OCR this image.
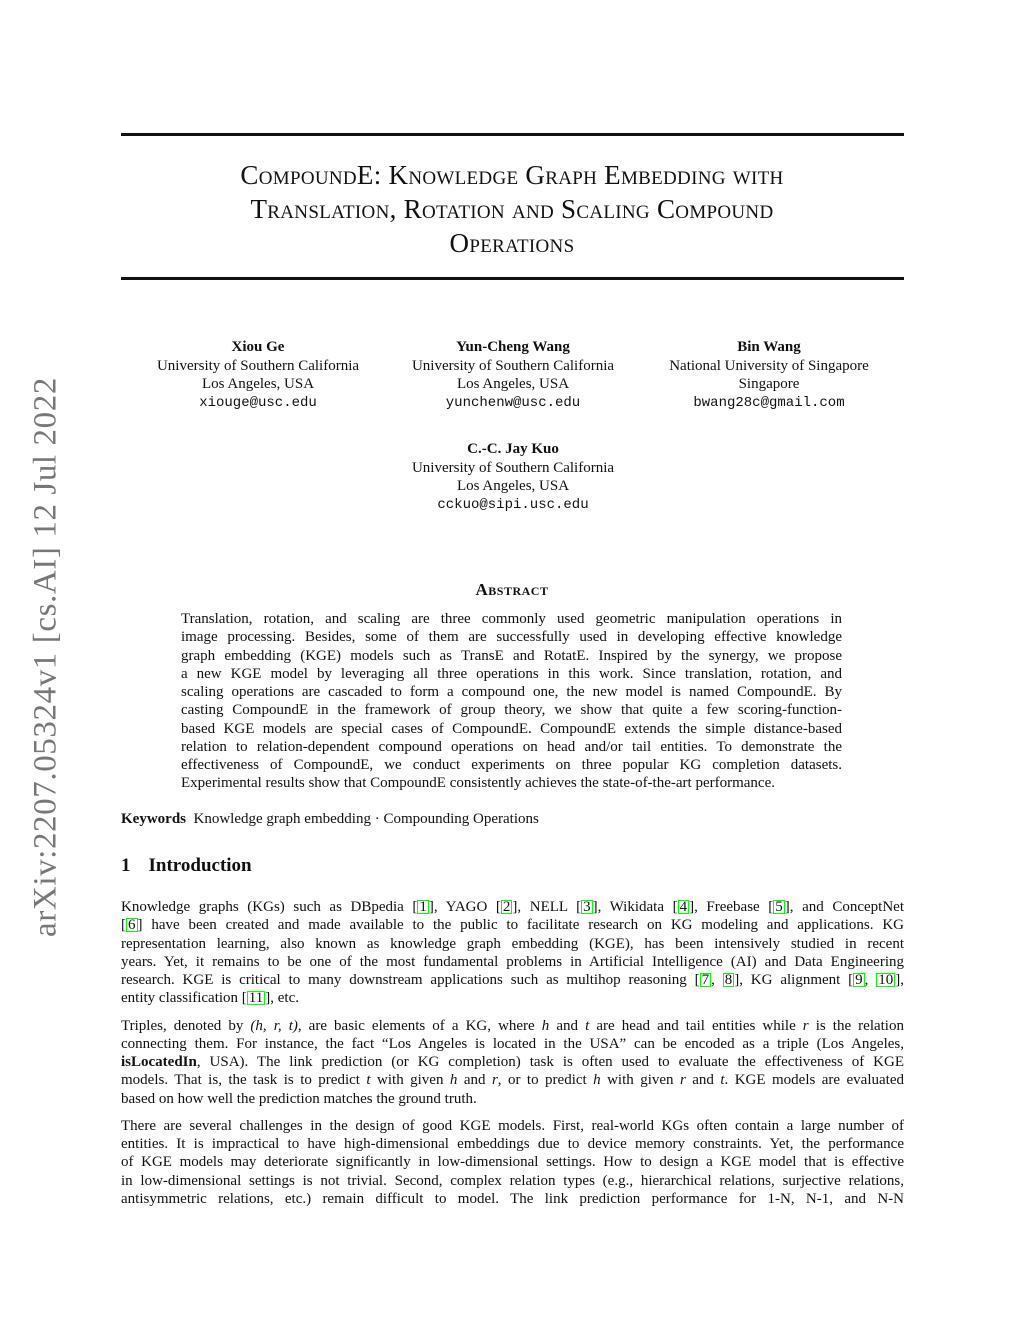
arXiv:2207.05324v1 [cs.AI] 12 Jul 2022
CompoundE: Knowledge Graph Embedding with
Translation, Rotation and Scaling Compound
Operations
Xiou Ge
University of Southern California
Los Angeles, USA
xiouge@usc.edu
Yun-Cheng Wang
University of Southern California
Los Angeles, USA
yunchenw@usc.edu
Bin Wang
National University of Singapore
Singapore
bwang28c@gmail.com
C.-C. Jay Kuo
University of Southern California
Los Angeles, USA
cckuo@sipi.usc.edu
Abstract
Translation, rotation, and scaling are three commonly used geometric manipulation operations in
image processing. Besides, some of them are successfully used in developing effective knowledge
graph embedding (KGE) models such as TransE and RotatE. Inspired by the synergy, we propose
a new KGE model by leveraging all three operations in this work. Since translation, rotation, and
scaling operations are cascaded to form a compound one, the new model is named CompoundE. By
casting CompoundE in the framework of group theory, we show that quite a few scoring-function-
based KGE models are special cases of CompoundE. CompoundE extends the simple distance-based
relation to relation-dependent compound operations on head and/or tail entities. To demonstrate the
effectiveness of CompoundE, we conduct experiments on three popular KG completion datasets.
Experimental results show that CompoundE consistently achieves the state-of-the-art performance.
Keywords Knowledge graph embedding · Compounding Operations
1 Introduction
Knowledge graphs (KGs) such as DBpedia [ 1 ], YAGO [ 2 ], NELL [ 3 ], Wikidata [ 4 ], Freebase [ 5 ], and ConceptNet
[ 6 ] have been created and made available to the public to facilitate research on KG modeling and applications. KG
representation learning, also known as knowledge graph embedding (KGE), has been intensively studied in recent
years. Yet, it remains to be one of the most fundamental problems in Artificial Intelligence (AI) and Data Engineering
research. KGE is critical to many downstream applications such as multihop reasoning [ 7 , 8 ], KG alignment [ 9 , 10 ],
entity classification [ 11 ], etc.
Triples, denoted by (h, r, t), are basic elements of a KG, where h and t are head and tail entities while r is the relation
connecting them. For instance, the fact “Los Angeles is located in the USA” can be encoded as a triple (Los Angeles,
isLocatedIn, USA). The link prediction (or KG completion) task is often used to evaluate the effectiveness of KGE
models. That is, the task is to predict t with given h and r, or to predict h with given r and t. KGE models are evaluated
based on how well the prediction matches the ground truth.
There are several challenges in the design of good KGE models. First, real-world KGs often contain a large number of
entities. It is impractical to have high-dimensional embeddings due to device memory constraints. Yet, the performance
of KGE models may deteriorate significantly in low-dimensional settings. How to design a KGE model that is effective
in low-dimensional settings is not trivial. Second, complex relation types (e.g., hierarchical relations, surjective relations,
antisymmetric relations, etc.) remain difficult to model. The link prediction performance for 1-N, N-1, and N-N
